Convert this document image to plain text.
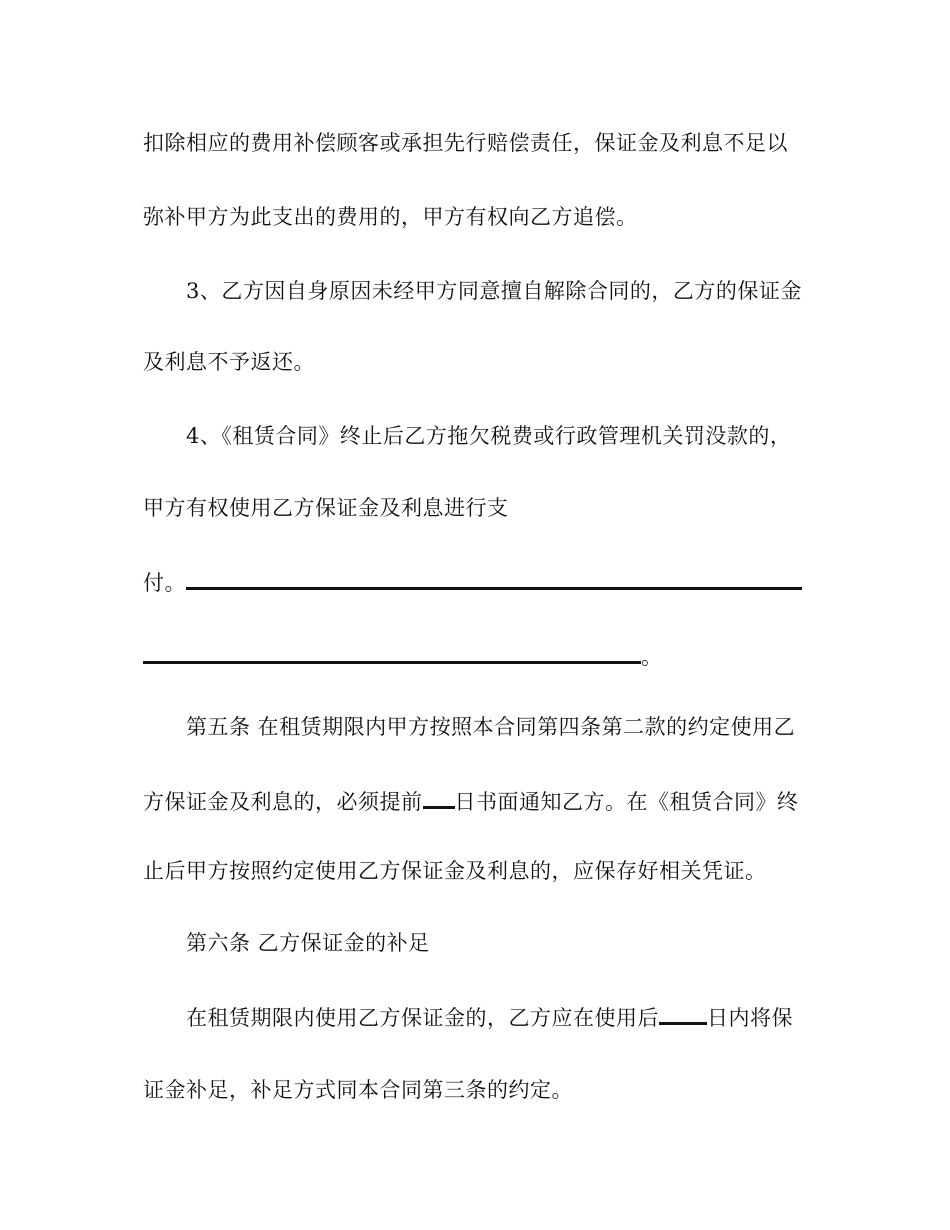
扣除相应的费用补偿顾客或承担先行赔偿责任，保证金及利息不足以
弥补甲方为此支出的费用的，甲方有权向乙方追偿。
3、乙方因自身原因未经甲方同意擅自解除合同的，乙方的保证金
及利息不予返还。
4、《租赁合同》终止后乙方拖欠税费或行政管理机关罚没款的，
甲方有权使用乙方保证金及利息进行支
付。
。
第五条 在租赁期限内甲方按照本合同第四条第二款的约定使用乙
方保证金及利息的，必须提前 日书面通知乙方。在《租赁合同》终
止后甲方按照约定使用乙方保证金及利息的，应保存好相关凭证。
第六条 乙方保证金的补足
在租赁期限内使用乙方保证金的，乙方应在使用后 日内将保
证金补足，补足方式同本合同第三条的约定。
